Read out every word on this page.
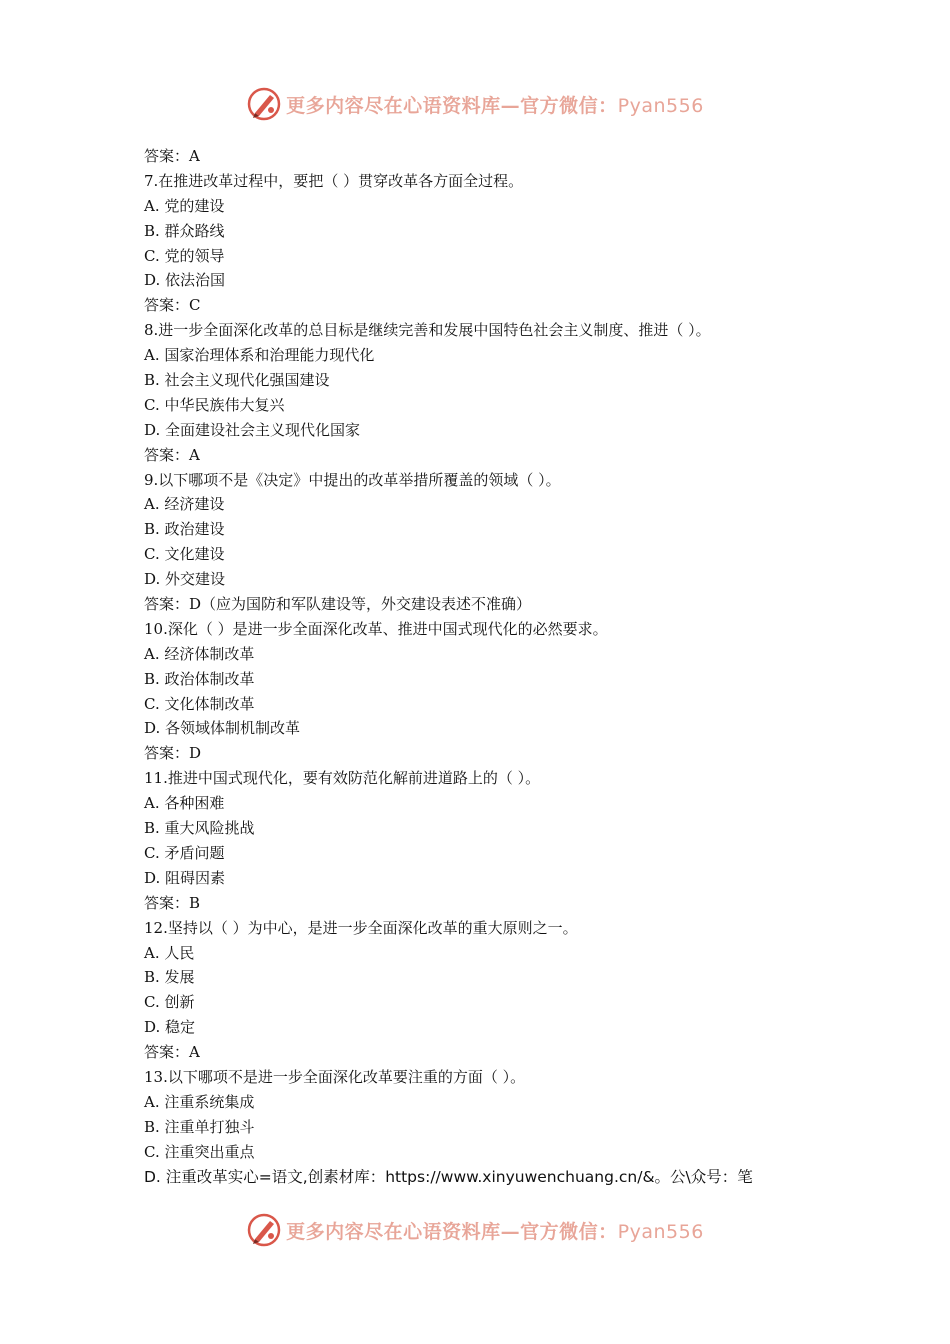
更多内容尽在心语资料库—官方微信：Pyan556
答案：A
7.在推进改革过程中，要把（ ）贯穿改革各方面全过程。
A. 党的建设
B. 群众路线
C. 党的领导
D. 依法治国
答案：C
8.进一步全面深化改革的总目标是继续完善和发展中国特色社会主义制度、推进（ ）。
A. 国家治理体系和治理能力现代化
B. 社会主义现代化强国建设
C. 中华民族伟大复兴
D. 全面建设社会主义现代化国家
答案：A
9.以下哪项不是《决定》中提出的改革举措所覆盖的领域（ ）。
A. 经济建设
B. 政治建设
C. 文化建设
D. 外交建设
答案：D（应为国防和军队建设等，外交建设表述不准确）
10.深化（ ）是进一步全面深化改革、推进中国式现代化的必然要求。
A. 经济体制改革
B. 政治体制改革
C. 文化体制改革
D. 各领域体制机制改革
答案：D
11.推进中国式现代化，要有效防范化解前进道路上的（ ）。
A. 各种困难
B. 重大风险挑战
C. 矛盾问题
D. 阻碍因素
答案：B
12.坚持以（ ）为中心，是进一步全面深化改革的重大原则之一。
A. 人民
B. 发展
C. 创新
D. 稳定
答案：A
13.以下哪项不是进一步全面深化改革要注重的方面（ ）。
A. 注重系统集成
B. 注重单打独斗
C. 注重突出重点
D. 注重改革实心=语文,创素材库：https://www.xinyuwenchuang.cn/&。公\众号：笔
更多内容尽在心语资料库—官方微信：Pyan556
